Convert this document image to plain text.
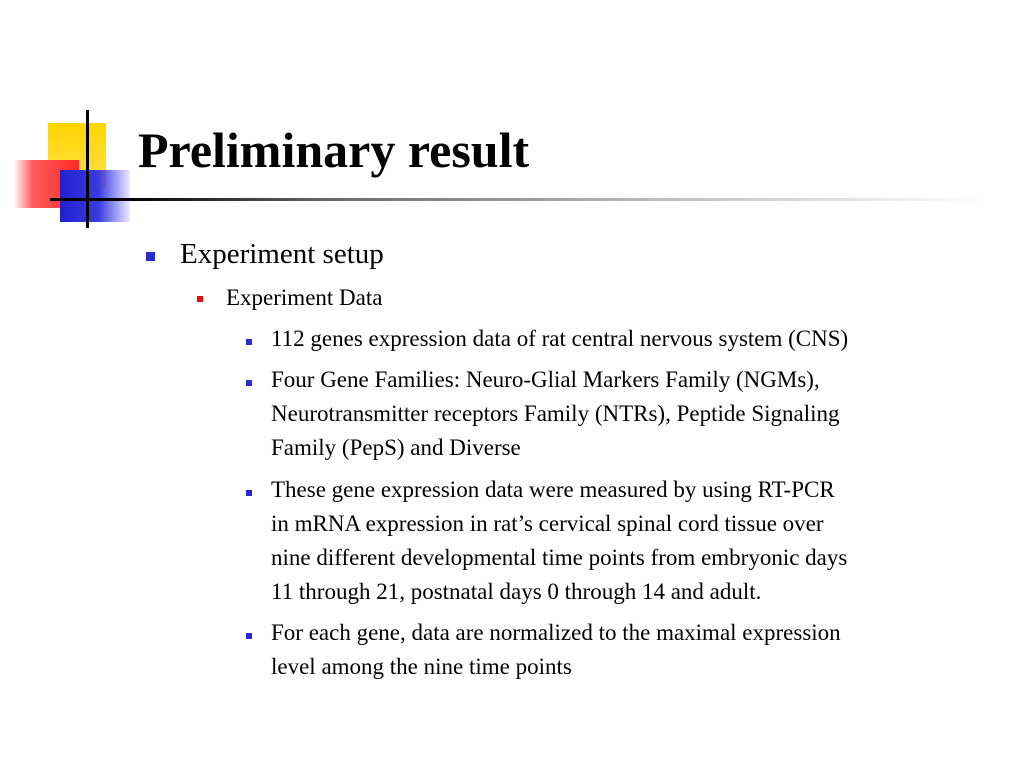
Preliminary result
Experiment setup
Experiment Data
112 genes expression data of rat central nervous system (CNS)
Four Gene Families: Neuro-Glial Markers Family (NGMs),
Neurotransmitter receptors Family (NTRs), Peptide Signaling
Family (PepS) and Diverse
These gene expression data were measured by using RT-PCR
in mRNA expression in rat’s cervical spinal cord tissue over
nine different developmental time points from embryonic days
11 through 21, postnatal days 0 through 14 and adult.
For each gene, data are normalized to the maximal expression
level among the nine time points
